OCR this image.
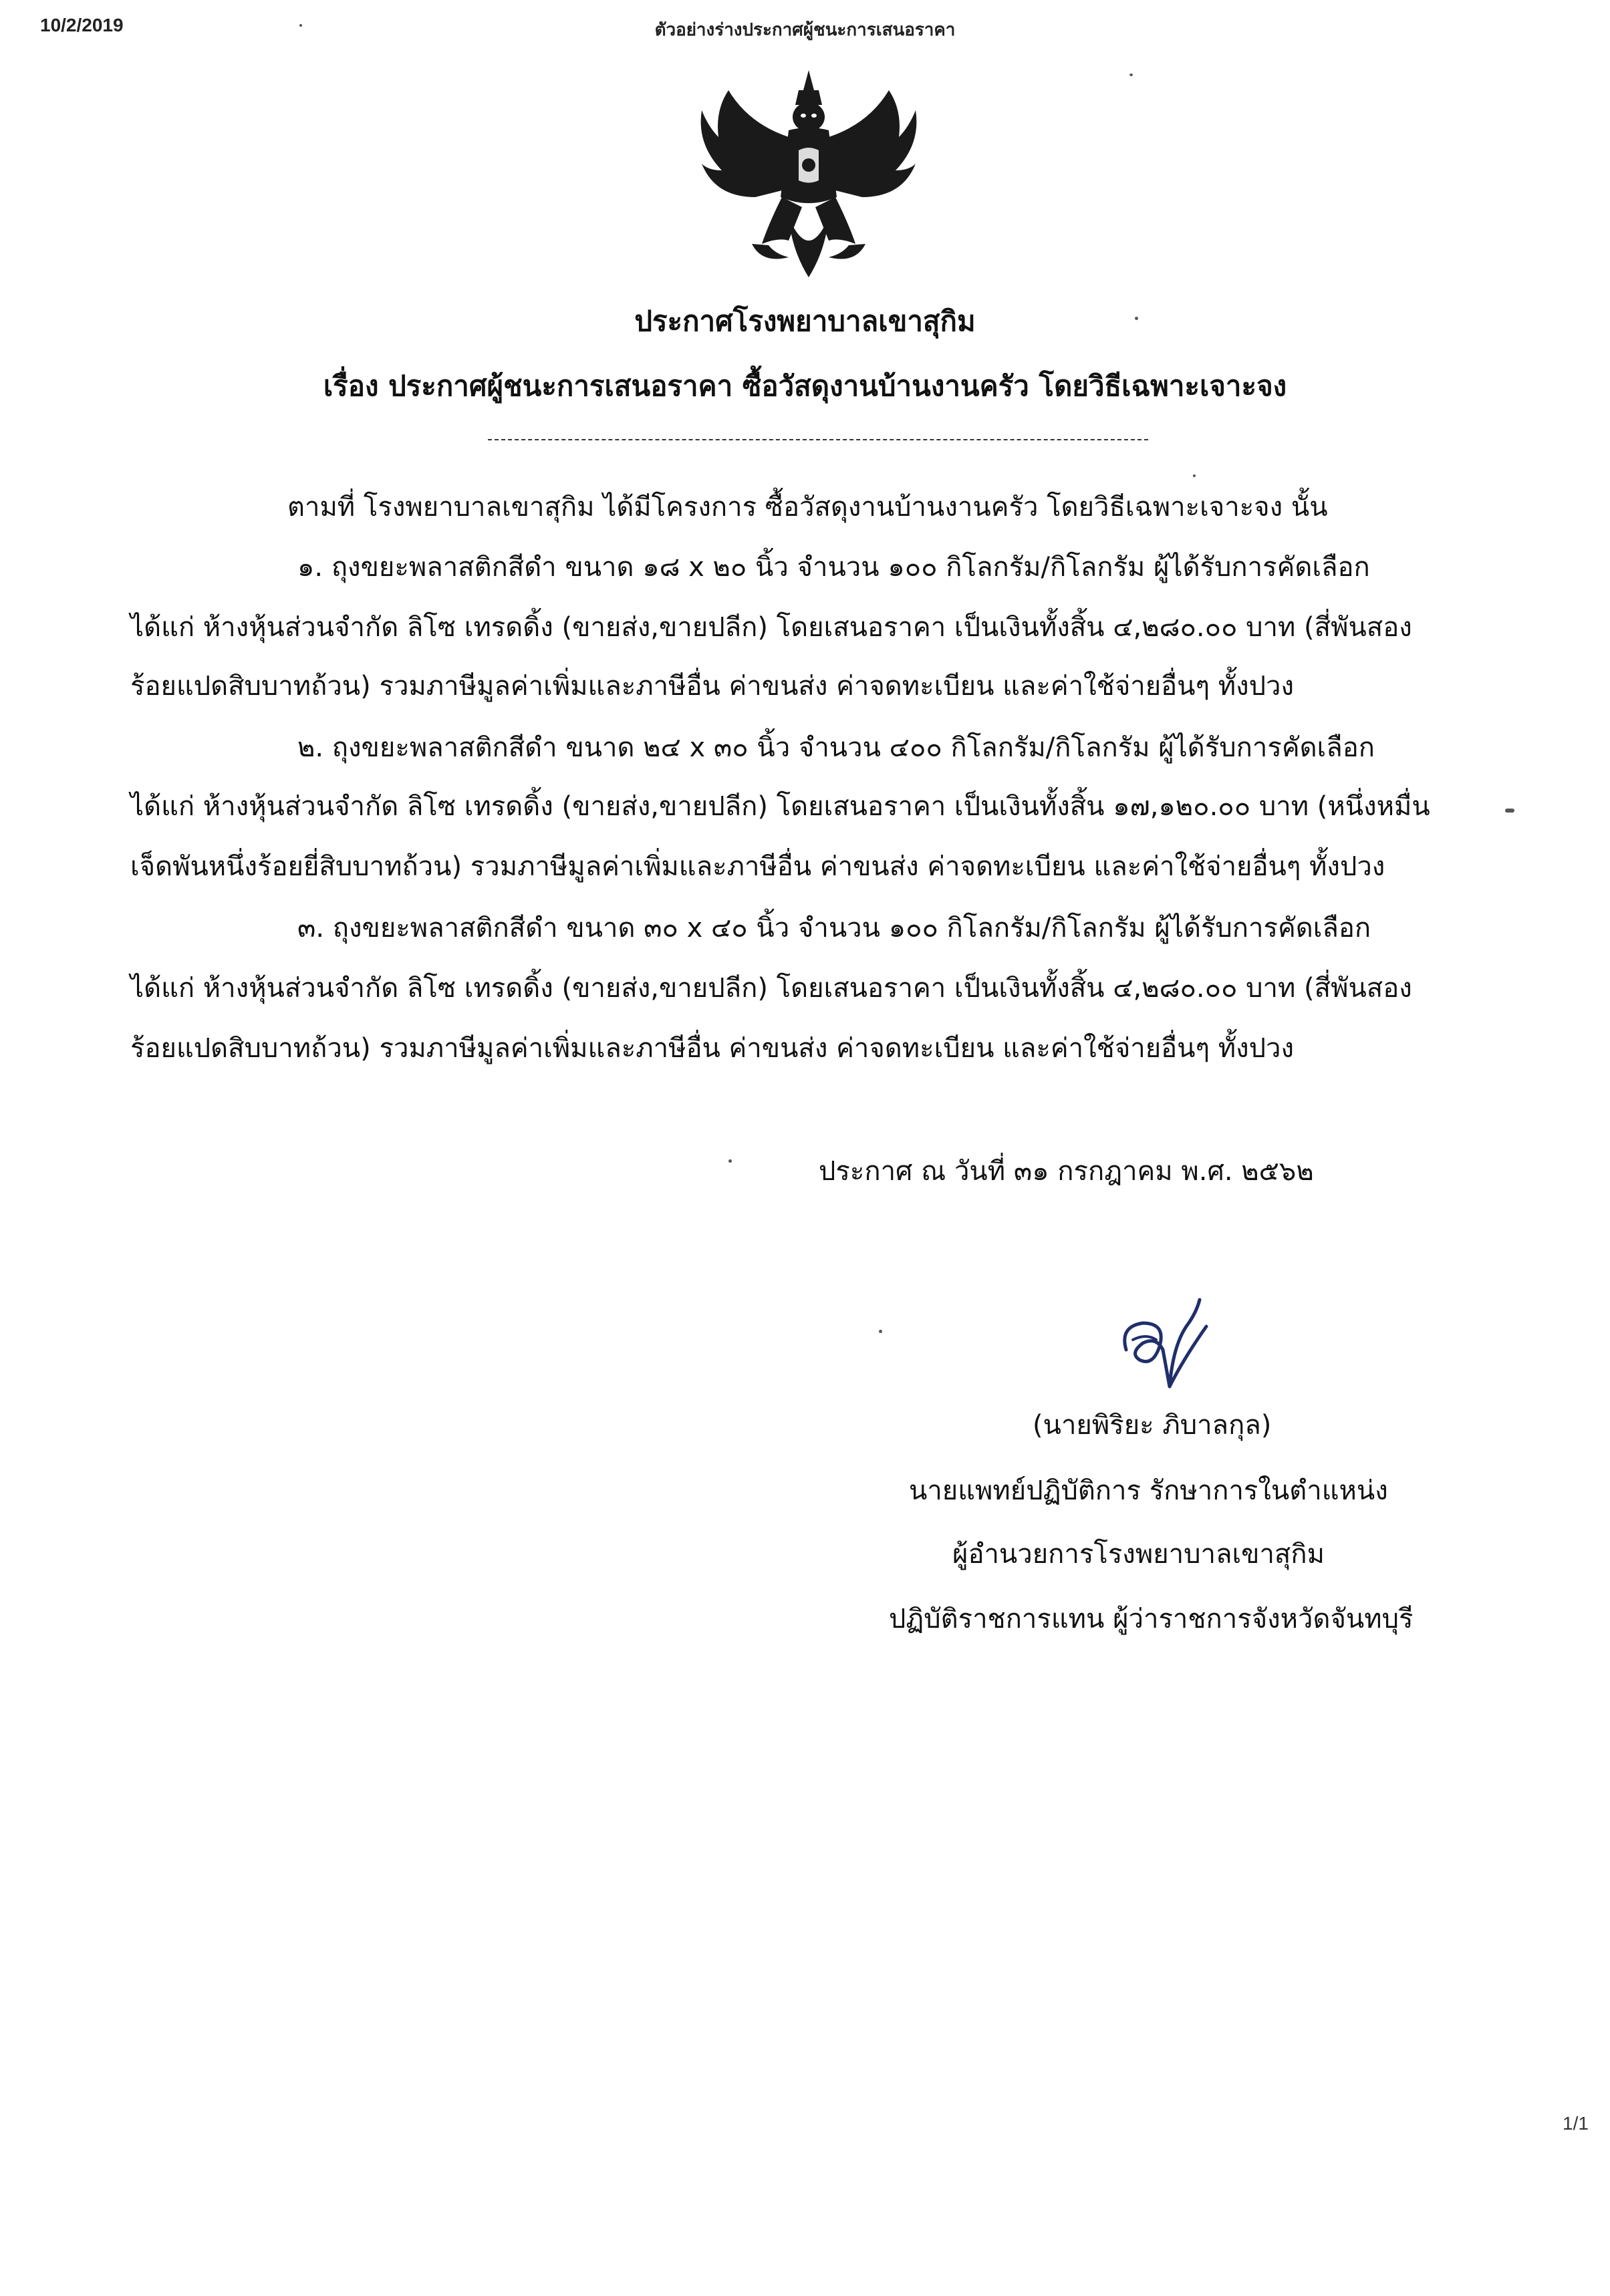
10/2/2019	ตัวอย่างร่างประกาศผู้ชนะการเสนอราคา
ประกาศโรงพยาบาลเขาสุกิม
เรื่อง ประกาศผู้ชนะการเสนอราคา ซื้อวัสดุงานบ้านงานครัว โดยวิธีเฉพาะเจาะจง
ตามที่ โรงพยาบาลเขาสุกิม ได้มีโครงการ ซื้อวัสดุงานบ้านงานครัว โดยวิธีเฉพาะเจาะจง นั้น
๑. ถุงขยะพลาสติกสีดำ ขนาด ๑๘ x ๒๐ นิ้ว จำนวน ๑๐๐ กิโลกรัม/กิโลกรัม ผู้ได้รับการคัดเลือก
ได้แก่ ห้างหุ้นส่วนจำกัด ลิโซ เทรดดิ้ง (ขายส่ง,ขายปลีก) โดยเสนอราคา เป็นเงินทั้งสิ้น ๔,๒๘๐.๐๐ บาท (สี่พันสอง
ร้อยแปดสิบบาทถ้วน) รวมภาษีมูลค่าเพิ่มและภาษีอื่น ค่าขนส่ง ค่าจดทะเบียน และค่าใช้จ่ายอื่นๆ ทั้งปวง
๒. ถุงขยะพลาสติกสีดำ ขนาด ๒๔ x ๓๐ นิ้ว จำนวน ๔๐๐ กิโลกรัม/กิโลกรัม ผู้ได้รับการคัดเลือก
ได้แก่ ห้างหุ้นส่วนจำกัด ลิโซ เทรดดิ้ง (ขายส่ง,ขายปลีก) โดยเสนอราคา เป็นเงินทั้งสิ้น ๑๗,๑๒๐.๐๐ บาท (หนึ่งหมื่น
เจ็ดพันหนึ่งร้อยยี่สิบบาทถ้วน) รวมภาษีมูลค่าเพิ่มและภาษีอื่น ค่าขนส่ง ค่าจดทะเบียน และค่าใช้จ่ายอื่นๆ ทั้งปวง
๓. ถุงขยะพลาสติกสีดำ ขนาด ๓๐ x ๔๐ นิ้ว จำนวน ๑๐๐ กิโลกรัม/กิโลกรัม ผู้ได้รับการคัดเลือก
ได้แก่ ห้างหุ้นส่วนจำกัด ลิโซ เทรดดิ้ง (ขายส่ง,ขายปลีก) โดยเสนอราคา เป็นเงินทั้งสิ้น ๔,๒๘๐.๐๐ บาท (สี่พันสอง
ร้อยแปดสิบบาทถ้วน) รวมภาษีมูลค่าเพิ่มและภาษีอื่น ค่าขนส่ง ค่าจดทะเบียน และค่าใช้จ่ายอื่นๆ ทั้งปวง
ประกาศ ณ วันที่ ๓๑ กรกฎาคม พ.ศ. ๒๕๖๒
(นายพิริยะ ภิบาลกุล)
นายแพทย์ปฏิบัติการ รักษาการในตำแหน่ง
ผู้อำนวยการโรงพยาบาลเขาสุกิม
ปฏิบัติราชการแทน ผู้ว่าราชการจังหวัดจันทบุรี
1/1
